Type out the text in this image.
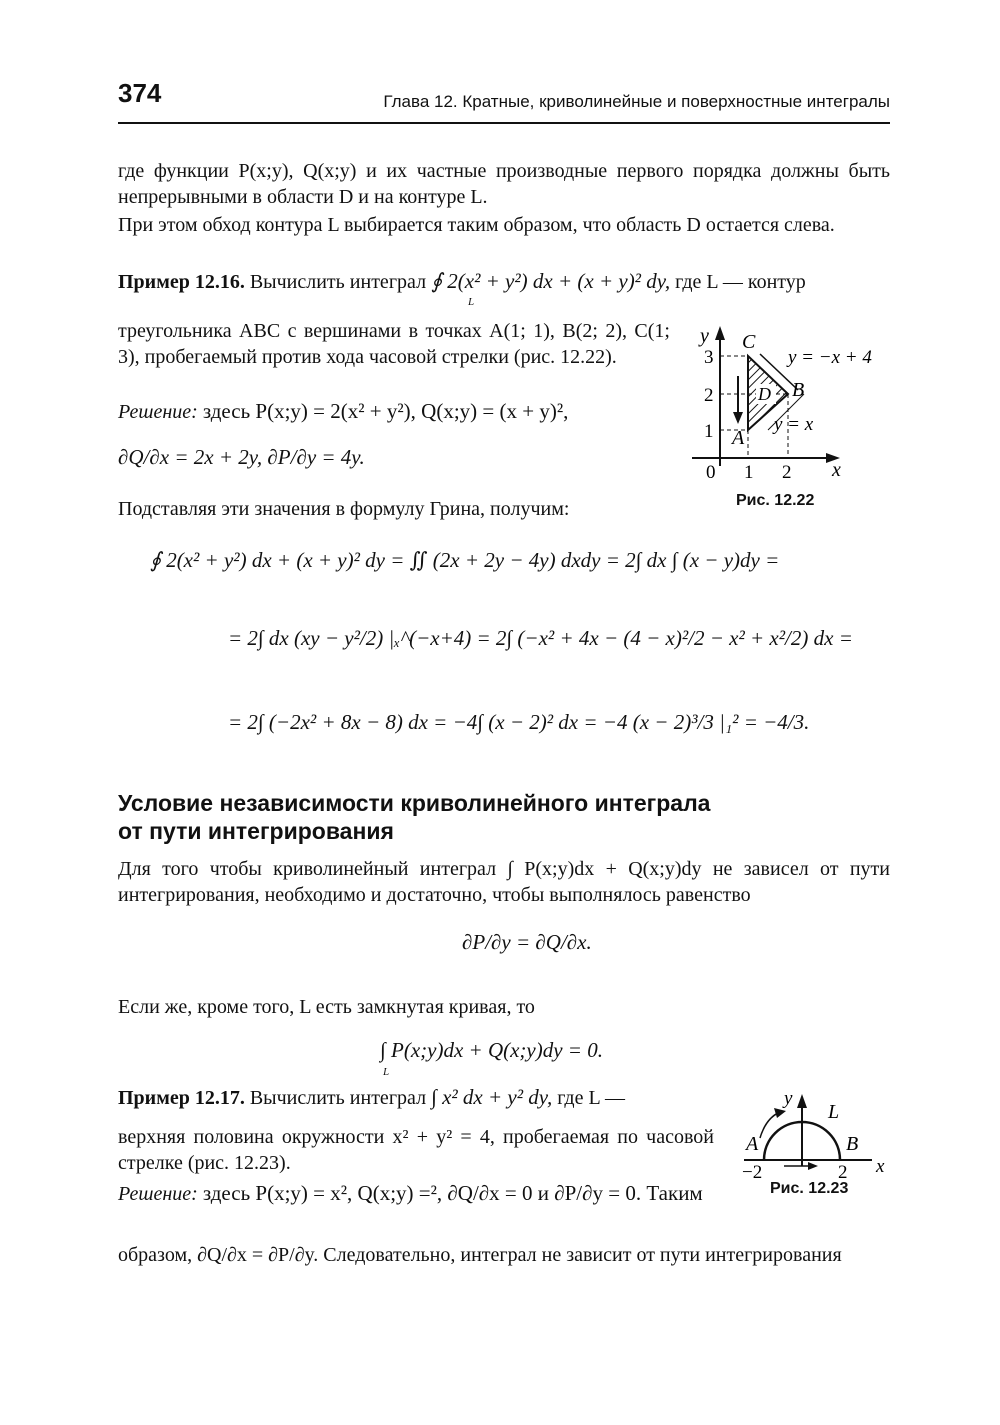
374	Глава 12. Кратные, криволинейные и поверхностные интегралы
где функции P(x;y), Q(x;y) и их частные производные первого порядка должны быть непрерывными в области D и на контуре L.
При этом обход контура L выбирается таким образом, что область D остается слева.
Пример 12.16. Вычислить интеграл ∮ 2(x² + y²) dx + (x + y)² dy, где L — контур
L
треугольника ABC с вершинами в точках A(1; 1), B(2; 2), C(1; 3), пробегаемый против хода часовой стрелки (рис. 12.22).
Решение: здесь P(x;y) = 2(x² + y²), Q(x;y) = (x + y)²,
∂Q/∂x = 2x + 2y, ∂P/∂y = 4y.
Подставляя эти значения в формулу Грина, получим:
∮ 2(x² + y²) dx + (x + y)² dy = ∬ (2x + 2y − 4y) dxdy = 2∫ dx ∫ (x − y)dy =
= 2∫ dx (xy − y²/2) |ₓ^(−x+4) = 2∫ (−x² + 4x − (4 − x)²/2 − x² + x²/2) dx =
= 2∫ (−2x² + 8x − 8) dx = −4∫ (x − 2)² dx = −4 (x − 2)³/3 |₁² = −4/3.
y
x
0 1 2
1
2
3
C
B
A
D
y = −x + 4
y = x
Рис. 12.22
Условие независимости криволинейного интеграла
от пути интегрирования
Для того чтобы криволинейный интеграл ∫ P(x;y)dx + Q(x;y)dy не зависел от пути интегрирования, необходимо и достаточно, чтобы выполнялось равенство
∂P/∂y = ∂Q/∂x.
Если же, кроме того, L есть замкнутая кривая, то
∫ P(x;y)dx + Q(x;y)dy = 0.
L
Пример 12.17. Вычислить интеграл ∫ x² dx + y² dy, где L —
верхняя половина окружности x² + y² = 4, пробегаемая по часовой стрелке (рис. 12.23).
Решение: здесь P(x;y) = x², Q(x;y) =², ∂Q/∂x = 0 и ∂P/∂y = 0. Таким
образом, ∂Q/∂x = ∂P/∂y. Следовательно, интеграл не зависит от пути интегрирования
y
x
L
A	B
−2	2
Рис. 12.23
